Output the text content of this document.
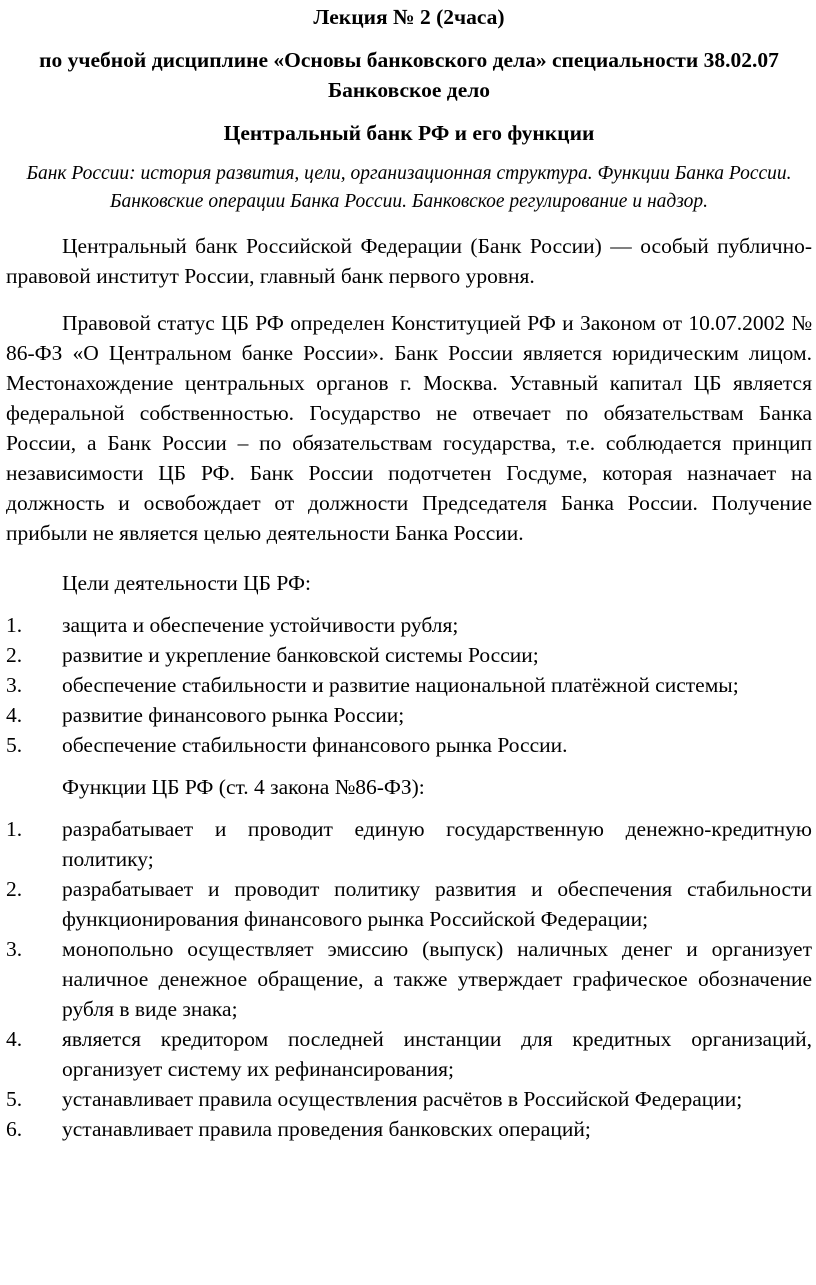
Лекция № 2 (2часа)

по учебной дисциплине «Основы банковского дела» специальности 38.02.07 Банковское дело

Центральный банк РФ и его функции

Банк России: история развития, цели, организационная структура. Функции Банка России. Банковские операции Банка России. Банковское регулирование и надзор.

Центральный банк Российской Федерации (Банк России) — особый публично-правовой институт России, главный банк первого уровня.

Правовой статус ЦБ РФ определен Конституцией РФ и Законом от 10.07.2002 № 86-ФЗ «О Центральном банке России». Банк России является юридическим лицом. Местонахождение центральных органов г. Москва. Уставный капитал ЦБ является федеральной собственностью. Государство не отвечает по обязательствам Банка России, а Банк России – по обязательствам государства, т.е. соблюдается принцип независимости ЦБ РФ. Банк России подотчетен Госдуме, которая назначает на должность и освобождает от должности Председателя Банка России. Получение прибыли не является целью деятельности Банка России.

Цели деятельности ЦБ РФ:

1.	защита и обеспечение устойчивости рубля;
2.	развитие и укрепление банковской системы России;
3.	обеспечение стабильности и развитие национальной платёжной системы;
4.	развитие финансового рынка России;
5.	обеспечение стабильности финансового рынка России.

Функции ЦБ РФ (ст. 4 закона №86-ФЗ):

1.	разрабатывает и проводит единую государственную денежно-кредитную политику;
2.	разрабатывает и проводит политику развития и обеспечения стабильности функционирования финансового рынка Российской Федерации;
3.	монопольно осуществляет эмиссию (выпуск) наличных денег и организует наличное денежное обращение, а также утверждает графическое обозначение рубля в виде знака;
4.	является кредитором последней инстанции для кредитных организаций, организует систему их рефинансирования;
5.	устанавливает правила осуществления расчётов в Российской Федерации;
6.	устанавливает правила проведения банковских операций;
